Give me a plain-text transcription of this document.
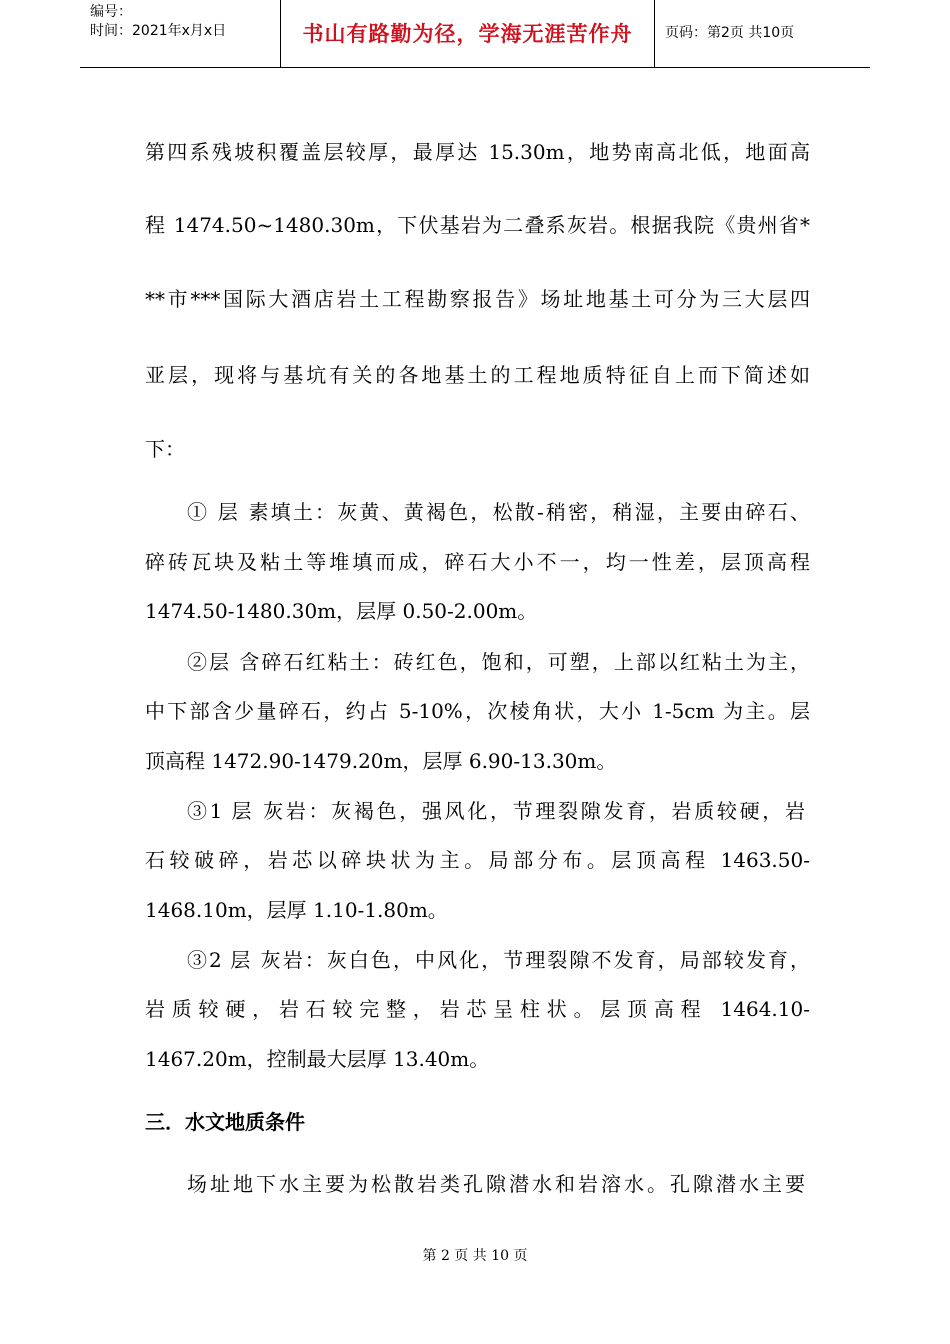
编号：
时间：2021年x月x日	书山有路勤为径，学海无涯苦作舟	页码：第2页 共10页
第四系残坡积覆盖层较厚，最厚达 15.30m，地势南高北低，地面高
程 1474.50~1480.30m，下伏基岩为二叠系灰岩。根据我院《贵州省*
**市***国际大酒店岩土工程勘察报告》场址地基土可分为三大层四
亚层，现将与基坑有关的各地基土的工程地质特征自上而下简述如
下：
① 层 素填土：灰黄、黄褐色，松散-稍密，稍湿，主要由碎石、
碎砖瓦块及粘土等堆填而成，碎石大小不一，均一性差，层顶高程
1474.50-1480.30m，层厚 0.50-2.00m。
②层 含碎石红粘土：砖红色，饱和，可塑，上部以红粘土为主，
中下部含少量碎石，约占 5-10%，次棱角状，大小 1-5cm 为主。层
顶高程 1472.90-1479.20m，层厚 6.90-13.30m。
③1 层 灰岩：灰褐色，强风化，节理裂隙发育，岩质较硬，岩
石较破碎，岩芯以碎块状为主。局部分布。层顶高程 1463.50-
1468.10m，层厚 1.10-1.80m。
③2 层 灰岩：灰白色，中风化，节理裂隙不发育，局部较发育，
岩质较硬，岩石较完整，岩芯呈柱状。层顶高程 1464.10-
1467.20m，控制最大层厚 13.40m。
三．水文地质条件
场址地下水主要为松散岩类孔隙潜水和岩溶水。孔隙潜水主要
第 2 页 共 10 页
